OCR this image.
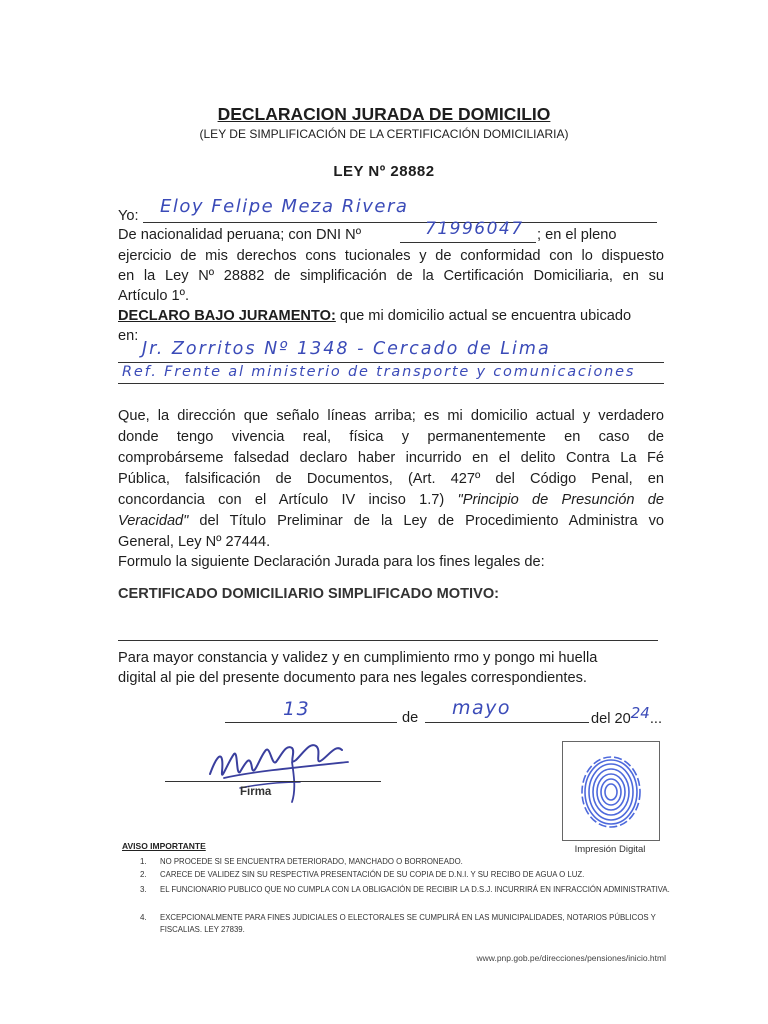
DECLARACION JURADA DE DOMICILIO
(LEY DE SIMPLIFICACIÓN DE LA CERTIFICACIÓN DOMICILIARIA)
LEY Nº 28882
Yo: Eloy Felipe Meza Rivera
De nacionalidad peruana; con DNI Nº	71996047 ; en el pleno
ejercicio de mis derechos cons tucionales y de conformidad con lo dispuesto
en la Ley Nº 28882 de simplificación de la Certificación Domiciliaria, en su
Artículo 1º.
DECLARO BAJO JURAMENTO: que mi domicilio actual se encuentra ubicado
en:
Jr. Zorritos Nº 1348 - Cercado de Lima
Ref. Frente al ministerio de transporte y comunicaciones
Que, la dirección que señalo líneas arriba; es mi domicilio actual y verdadero
donde tengo vivencia real, física y permanentemente en caso de
comprobárseme falsedad declaro haber incurrido en el delito Contra La Fé
Pública, falsificación de Documentos, (Art. 427º del Código Penal, en
concordancia con el Artículo IV inciso 1.7) "Principio de Presunción de
Veracidad" del Título Preliminar de la Ley de Procedimiento Administra vo
General, Ley Nº 27444.
Formulo la siguiente Declaración Jurada para los fines legales de:
CERTIFICADO DOMICILIARIO SIMPLIFICADO MOTIVO:
Para mayor constancia y validez y en cumplimiento rmo y pongo mi huella
digital al pie del presente documento para nes legales correspondientes.
13	de mayo	del 2024...
Firma
Impresión Digital
AVISO IMPORTANTE
1. NO PROCEDE SI SE ENCUENTRA DETERIORADO, MANCHADO O BORRONEADO.
2. CARECE DE VALIDEZ SIN SU RESPECTIVA PRESENTACIÓN DE SU COPIA DE D.N.I. Y SU RECIBO DE AGUA O LUZ.
3. EL FUNCIONARIO PUBLICO QUE NO CUMPLA CON LA OBLIGACIÓN DE RECIBIR LA D.S.J. INCURRIRÁ EN INFRACCIÓN ADMINISTRATIVA.
4. EXCEPCIONALMENTE PARA FINES JUDICIALES O ELECTORALES SE CUMPLIRÁ EN LAS MUNICIPALIDADES, NOTARIOS PÚBLICOS Y FISCALIAS. LEY 27839.
www.pnp.gob.pe/direcciones/pensiones/inicio.html
